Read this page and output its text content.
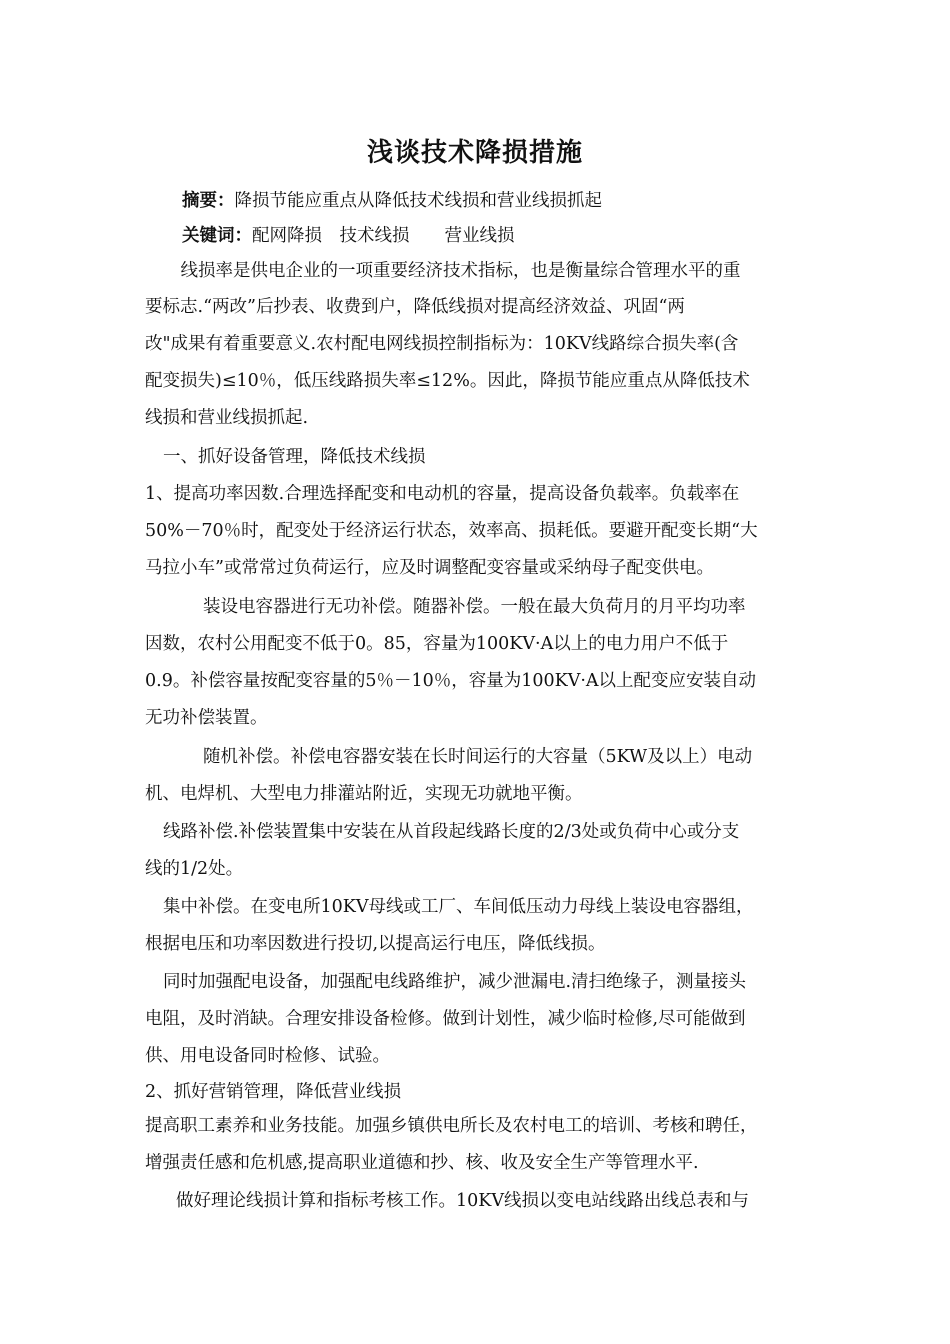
浅谈技术降损措施
摘要：降损节能应重点从降低技术线损和营业线损抓起
关键词：配网降损　技术线损　　营业线损
　线损率是供电企业的一项重要经济技术指标，也是衡量综合管理水平的重
要标志.“两改”后抄表、收费到户，降低线损对提高经济效益、巩固“两
改"成果有着重要意义.农村配电网线损控制指标为：10KV线路综合损失率(含
配变损失)≤10％，低压线路损失率≤12%。因此，降损节能应重点从降低技术
线损和营业线损抓起.
一、抓好设备管理，降低技术线损
1、提高功率因数.合理选择配变和电动机的容量，提高设备负载率。负载率在
50%－70％时，配变处于经济运行状态，效率高、损耗低。要避开配变长期“大
马拉小车”或常常过负荷运行，应及时调整配变容量或采纳母子配变供电。
装设电容器进行无功补偿。随器补偿。一般在最大负荷月的月平均功率
因数，农村公用配变不低于0。85，容量为100KV·A以上的电力用户不低于
0.9。补偿容量按配变容量的5％－10％，容量为100KV·A以上配变应安装自动
无功补偿装置。
随机补偿。补偿电容器安装在长时间运行的大容量（5KW及以上）电动
机、电焊机、大型电力排灌站附近，实现无功就地平衡。
线路补偿.补偿装置集中安装在从首段起线路长度的2/3处或负荷中心或分支
线的1/2处。
集中补偿。在变电所10KV母线或工厂、车间低压动力母线上装设电容器组，
根据电压和功率因数进行投切,以提高运行电压，降低线损。
同时加强配电设备，加强配电线路维护，减少泄漏电.清扫绝缘子，测量接头
电阻，及时消缺。合理安排设备检修。做到计划性，减少临时检修,尽可能做到
供、用电设备同时检修、试验。
2、抓好营销管理，降低营业线损
提高职工素养和业务技能。加强乡镇供电所长及农村电工的培训、考核和聘任，
增强责任感和危机感,提高职业道德和抄、核、收及安全生产等管理水平.
做好理论线损计算和指标考核工作。10KV线损以变电站线路出线总表和与
